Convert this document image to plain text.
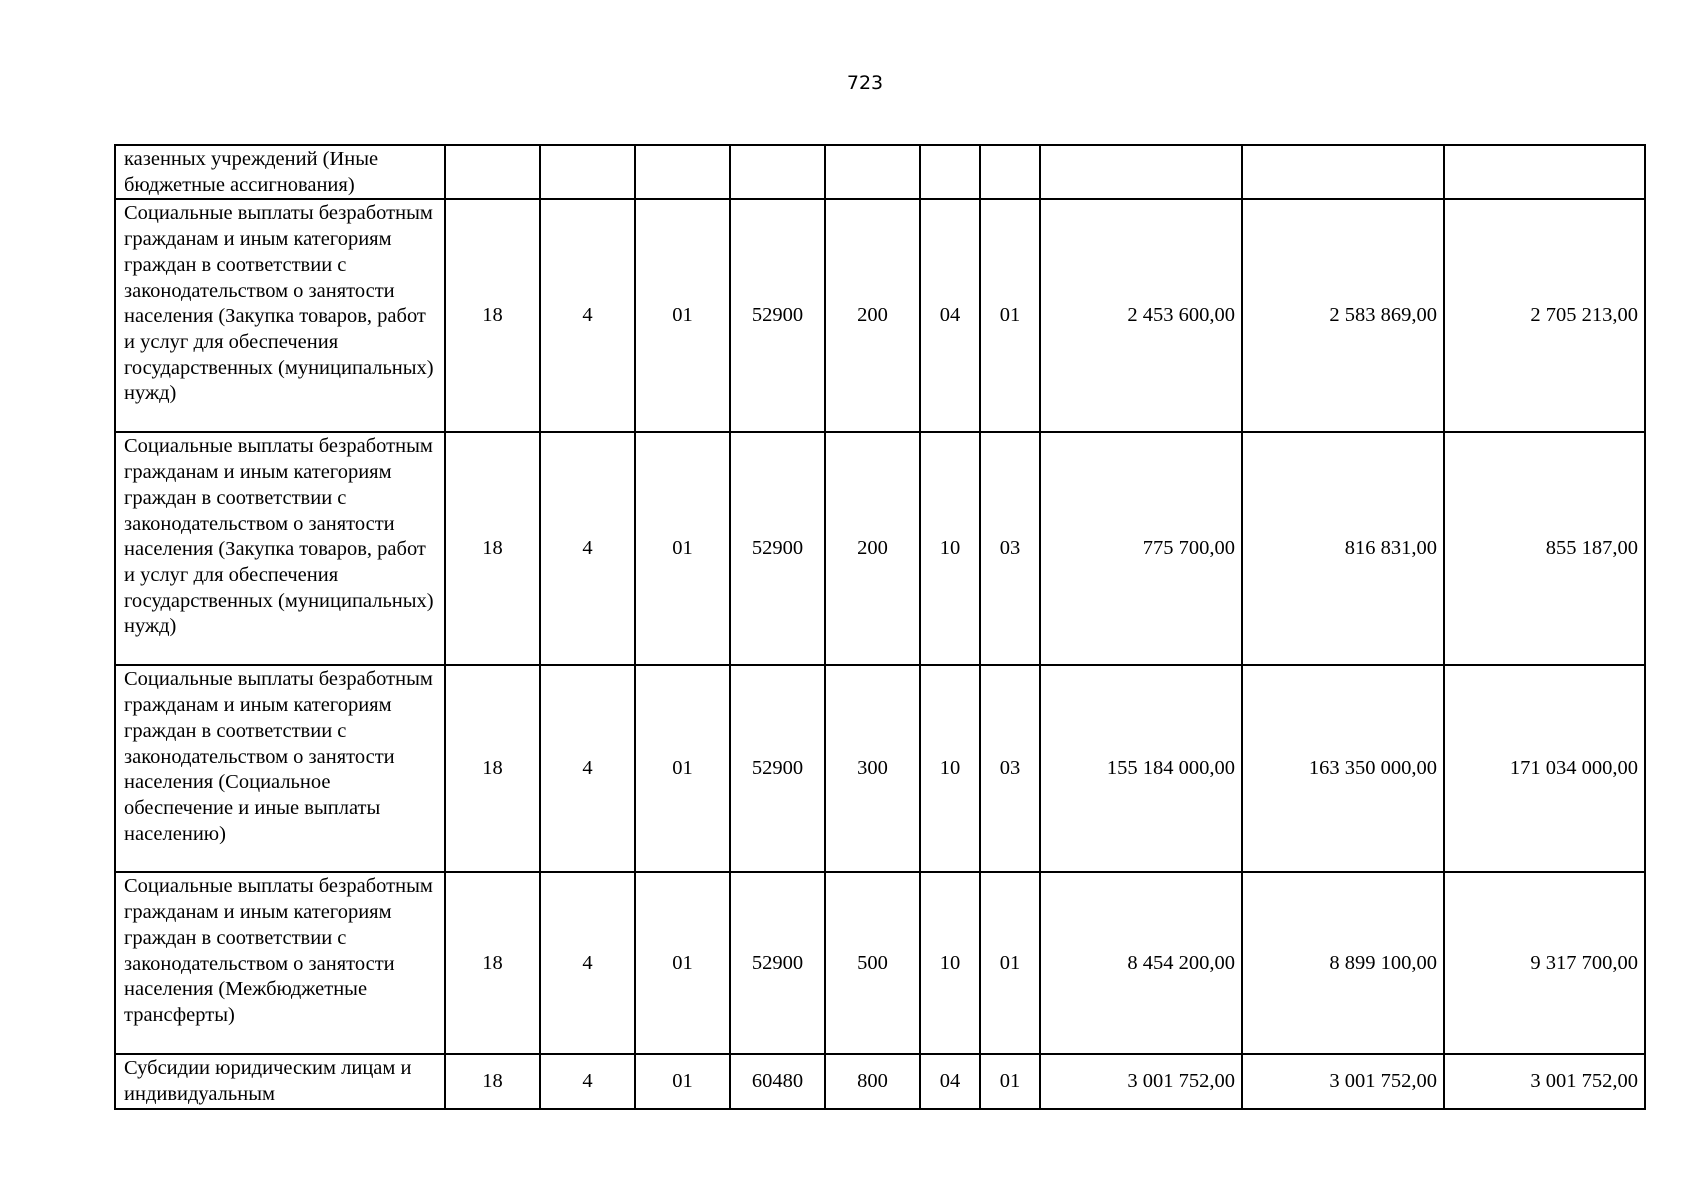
723
казенных учреждений (Иные бюджетные ассигнования)										
Социальные выплаты безработным гражданам и иным категориям граждан в соответствии с законодательством о занятости населения (Закупка товаров, работ и услуг для обеспечения государственных (муниципальных) нужд)	18	4	01	52900	200	04	01	2 453 600,00	2 583 869,00	2 705 213,00
Социальные выплаты безработным гражданам и иным категориям граждан в соответствии с законодательством о занятости населения (Закупка товаров, работ и услуг для обеспечения государственных (муниципальных) нужд)	18	4	01	52900	200	10	03	775 700,00	816 831,00	855 187,00
Социальные выплаты безработным гражданам и иным категориям граждан в соответствии с законодательством о занятости населения (Социальное обеспечение и иные выплаты населению)	18	4	01	52900	300	10	03	155 184 000,00	163 350 000,00	171 034 000,00
Социальные выплаты безработным гражданам и иным категориям граждан в соответствии с законодательством о занятости населения (Межбюджетные трансферты)	18	4	01	52900	500	10	01	8 454 200,00	8 899 100,00	9 317 700,00
Субсидии юридическим лицам и индивидуальным	18	4	01	60480	800	04	01	3 001 752,00	3 001 752,00	3 001 752,00
